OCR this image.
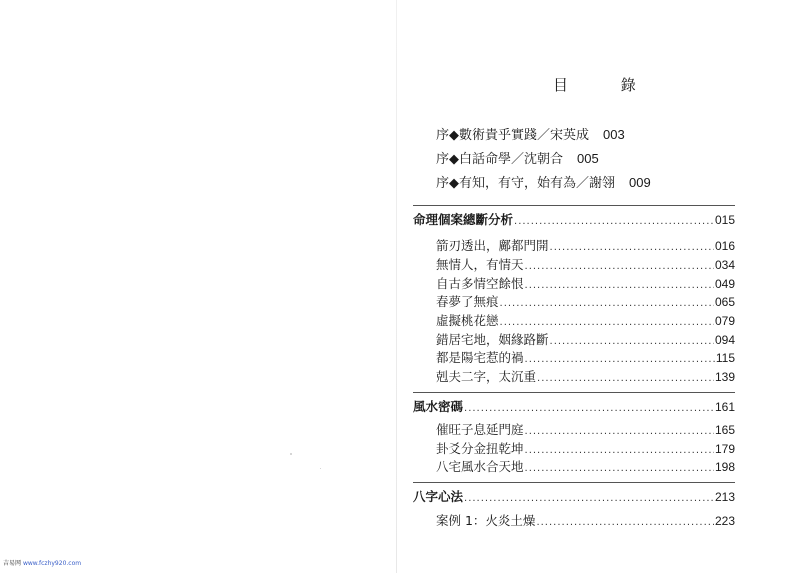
目 錄
序◆數術貴乎實踐／宋英成 003
序◆白話命學／沈朝合 005
序◆有知，有守，始有為／謝翎 009
命理個案總斷分析 .....	015
箭刃透出，鄺都門開 .....	016
無情人，有情天 .....	034
自古多情空餘恨 .....	049
春夢了無痕 .....	065
虛擬桃花戀 .....	079
錯居宅地，姻緣路斷 .....	094
都是陽宅惹的禍 .....	115
剋夫二字，太沉重 .....	139
風水密碼 .....	161
催旺子息延門庭 .....	165
卦爻分金扭乾坤 .....	179
八宅風水合天地 .....	198
八字心法 .....	213
案例 1：火炎土燥 .....	223
吉易网 www.fczhy920.com
